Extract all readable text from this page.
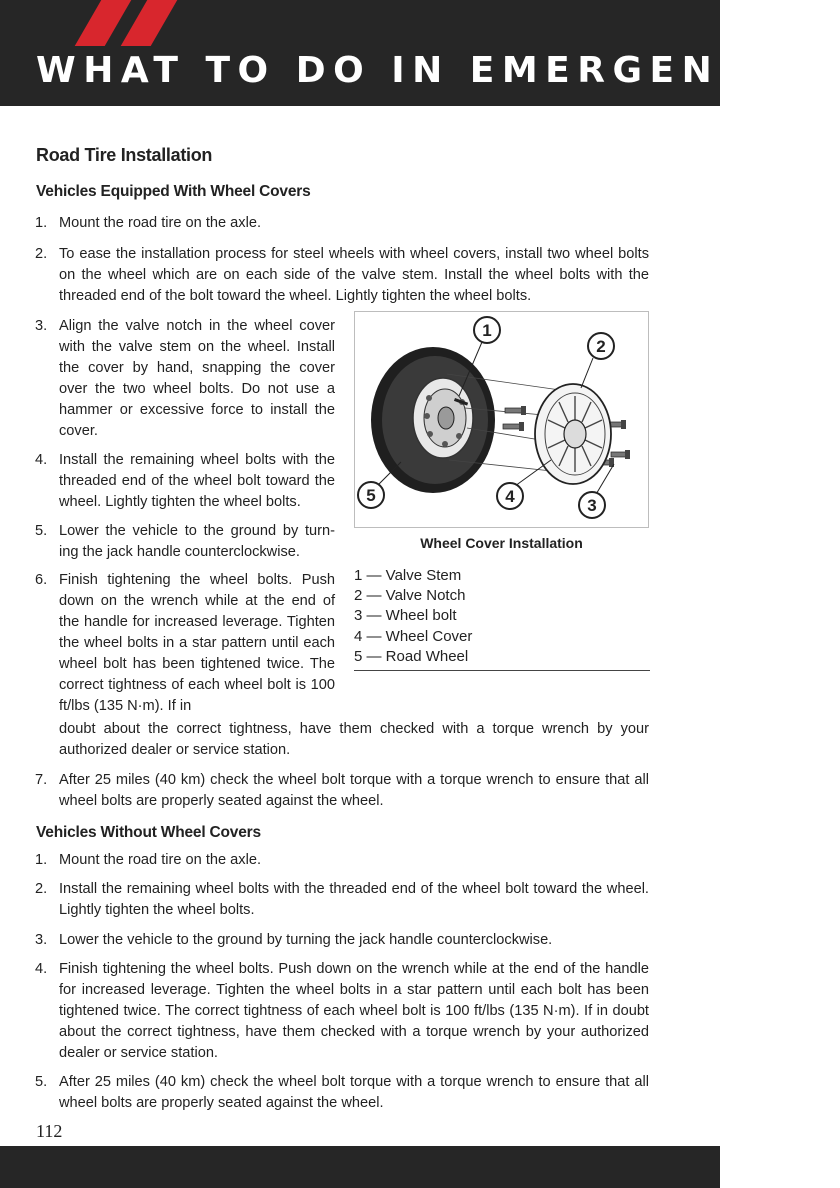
WHAT TO DO IN EMERGENCIES
Road Tire Installation
Vehicles Equipped With Wheel Covers
1. Mount the road tire on the axle.

2. To ease the installation process for steel wheels with wheel covers, install two wheel bolts on the wheel which are on each side of the valve stem. Install the wheel bolts with the threaded end of the bolt toward the wheel. Lightly tighten the wheel bolts.

3. Align the valve notch in the wheel cover with the valve stem on the wheel. Install the cover by hand, snapping the cover over the two wheel bolts. Do not use a hammer or excessive force to install the cover.

4. Install the remaining wheel bolts with the threaded end of the wheel bolt toward the wheel. Lightly tighten the wheel bolts.

5. Lower the vehicle to the ground by turn- ing the jack handle counterclockwise.

6. Finish tightening the wheel bolts. Push down on the wrench while at the end of the handle for increased leverage. Tighten the wheel bolts in a star pattern until each wheel bolt has been tightened twice. The correct tightness of each wheel bolt is 100 ft/lbs (135 N·m). If in

doubt about the correct tightness, have them checked with a torque wrench by your authorized dealer or service station.

7. After 25 miles (40 km) check the wheel bolt torque with a torque wrench to ensure that all wheel bolts are properly seated against the wheel.

1
2
3
4
5
Wheel Cover Installation
1 — Valve Stem
2 — Valve Notch
3 — Wheel bolt
4 — Wheel Cover
5 — Road Wheel
Vehicles Without Wheel Covers
1. Mount the road tire on the axle.

2. Install the remaining wheel bolts with the threaded end of the wheel bolt toward the wheel. Lightly tighten the wheel bolts.

3. Lower the vehicle to the ground by turning the jack handle counterclockwise.

4. Finish tightening the wheel bolts. Push down on the wrench while at the end of the handle for increased leverage. Tighten the wheel bolts in a star pattern until each bolt has been tightened twice. The correct tightness of each wheel bolt is 100 ft/lbs (135 N·m). If in doubt about the correct tightness, have them checked with a torque wrench by your authorized dealer or service station.

5. After 25 miles (40 km) check the wheel bolt torque with a torque wrench to ensure that all wheel bolts are properly seated against the wheel.

112
